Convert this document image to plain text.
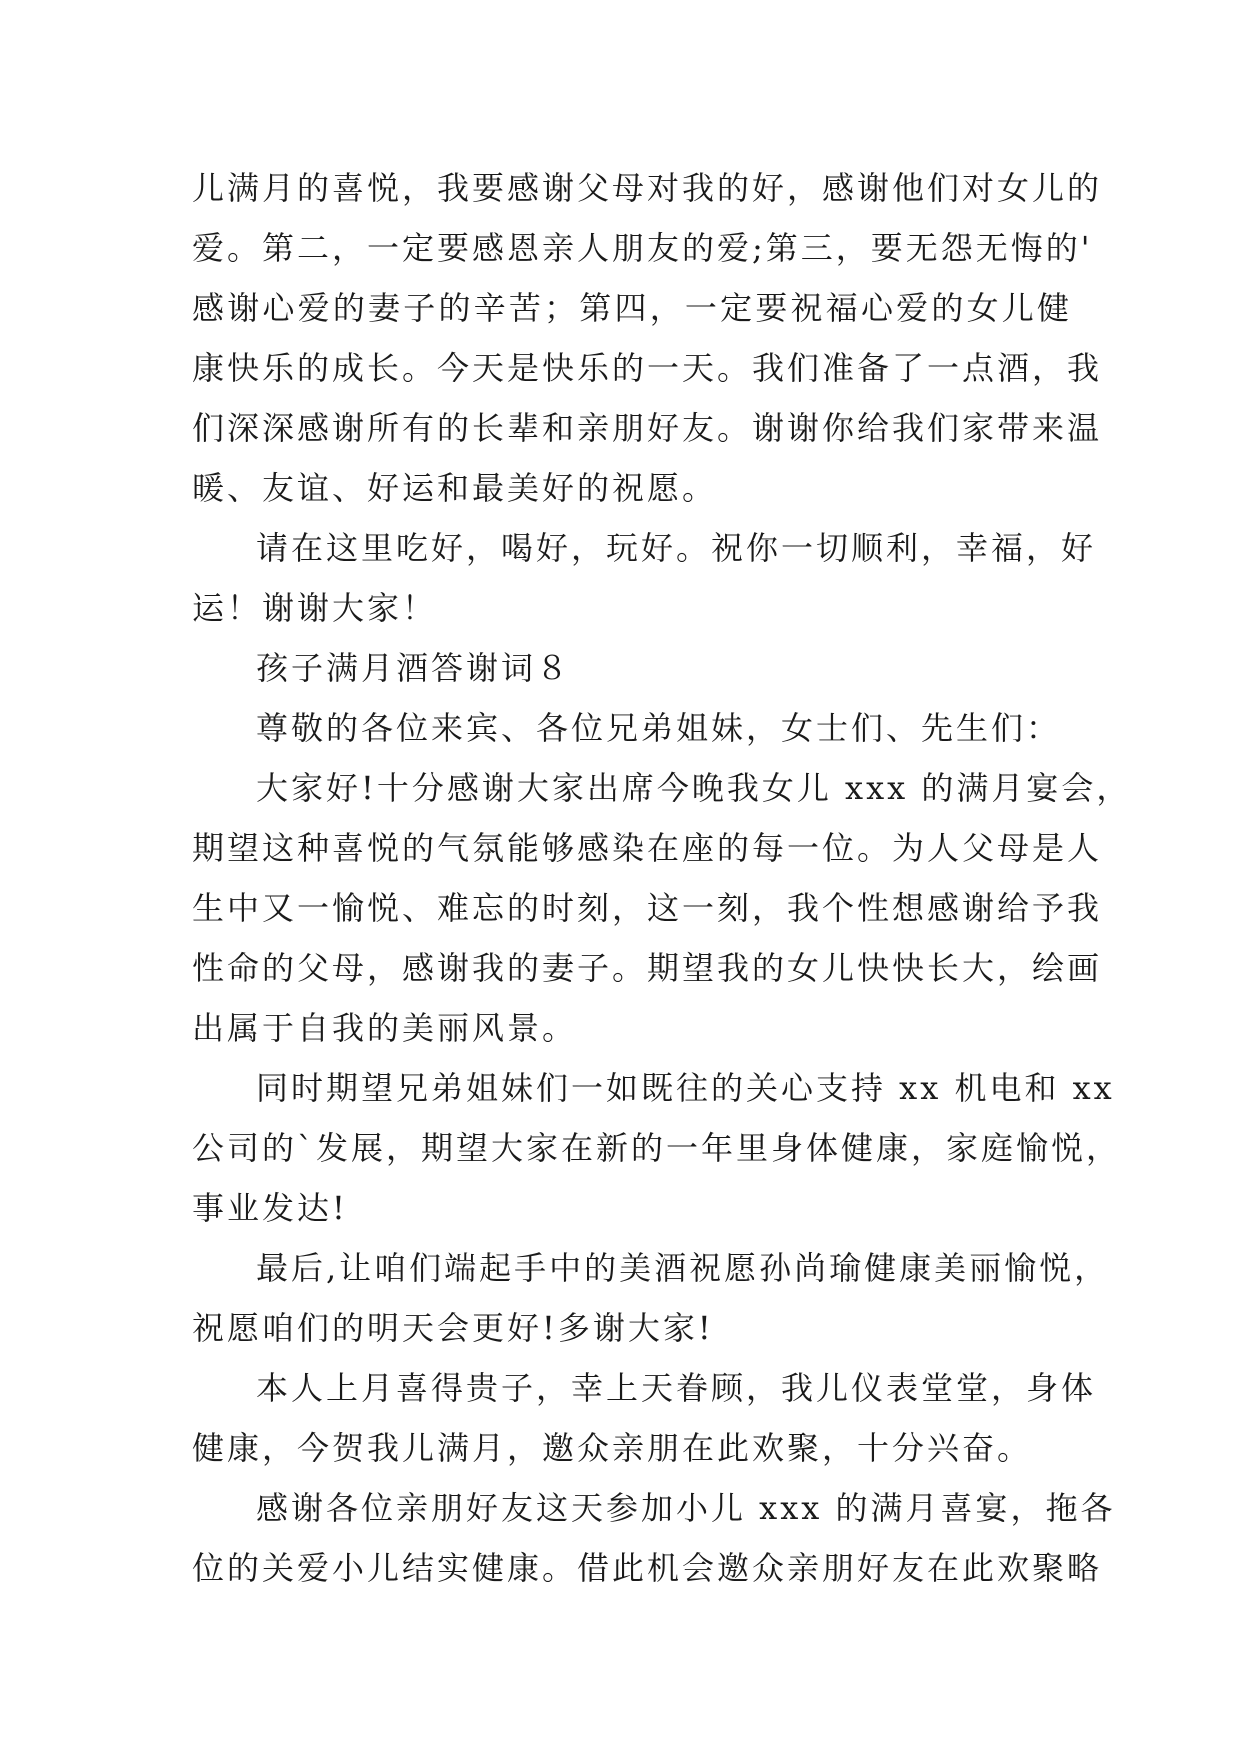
儿满月的喜悦，我要感谢父母对我的好，感谢他们对女儿的
爱。第二，一定要感恩亲人朋友的爱;第三，要无怨无悔的'
感谢心爱的妻子的辛苦；第四，一定要祝福心爱的女儿健
康快乐的成长。今天是快乐的一天。我们准备了一点酒，我
们深深感谢所有的长辈和亲朋好友。谢谢你给我们家带来温
暖、友谊、好运和最美好的祝愿。
请在这里吃好，喝好，玩好。祝你一切顺利，幸福，好
运！谢谢大家！
孩子满月酒答谢词８
尊敬的各位来宾、各位兄弟姐妹，女士们、先生们：
大家好!十分感谢大家出席今晚我女儿 xxx 的满月宴会，
期望这种喜悦的气氛能够感染在座的每一位。为人父母是人
生中又一愉悦、难忘的时刻，这一刻，我个性想感谢给予我
性命的父母，感谢我的妻子。期望我的女儿快快长大，绘画
出属于自我的美丽风景。
同时期望兄弟姐妹们一如既往的关心支持 xx 机电和 xx
公司的`发展，期望大家在新的一年里身体健康，家庭愉悦，
事业发达!
最后,让咱们端起手中的美酒祝愿孙尚瑜健康美丽愉悦，
祝愿咱们的明天会更好!多谢大家!
本人上月喜得贵子，幸上天眷顾，我儿仪表堂堂，身体
健康，今贺我儿满月，邀众亲朋在此欢聚，十分兴奋。
感谢各位亲朋好友这天参加小儿 xxx 的满月喜宴，拖各
位的关爱小儿结实健康。借此机会邀众亲朋好友在此欢聚略
